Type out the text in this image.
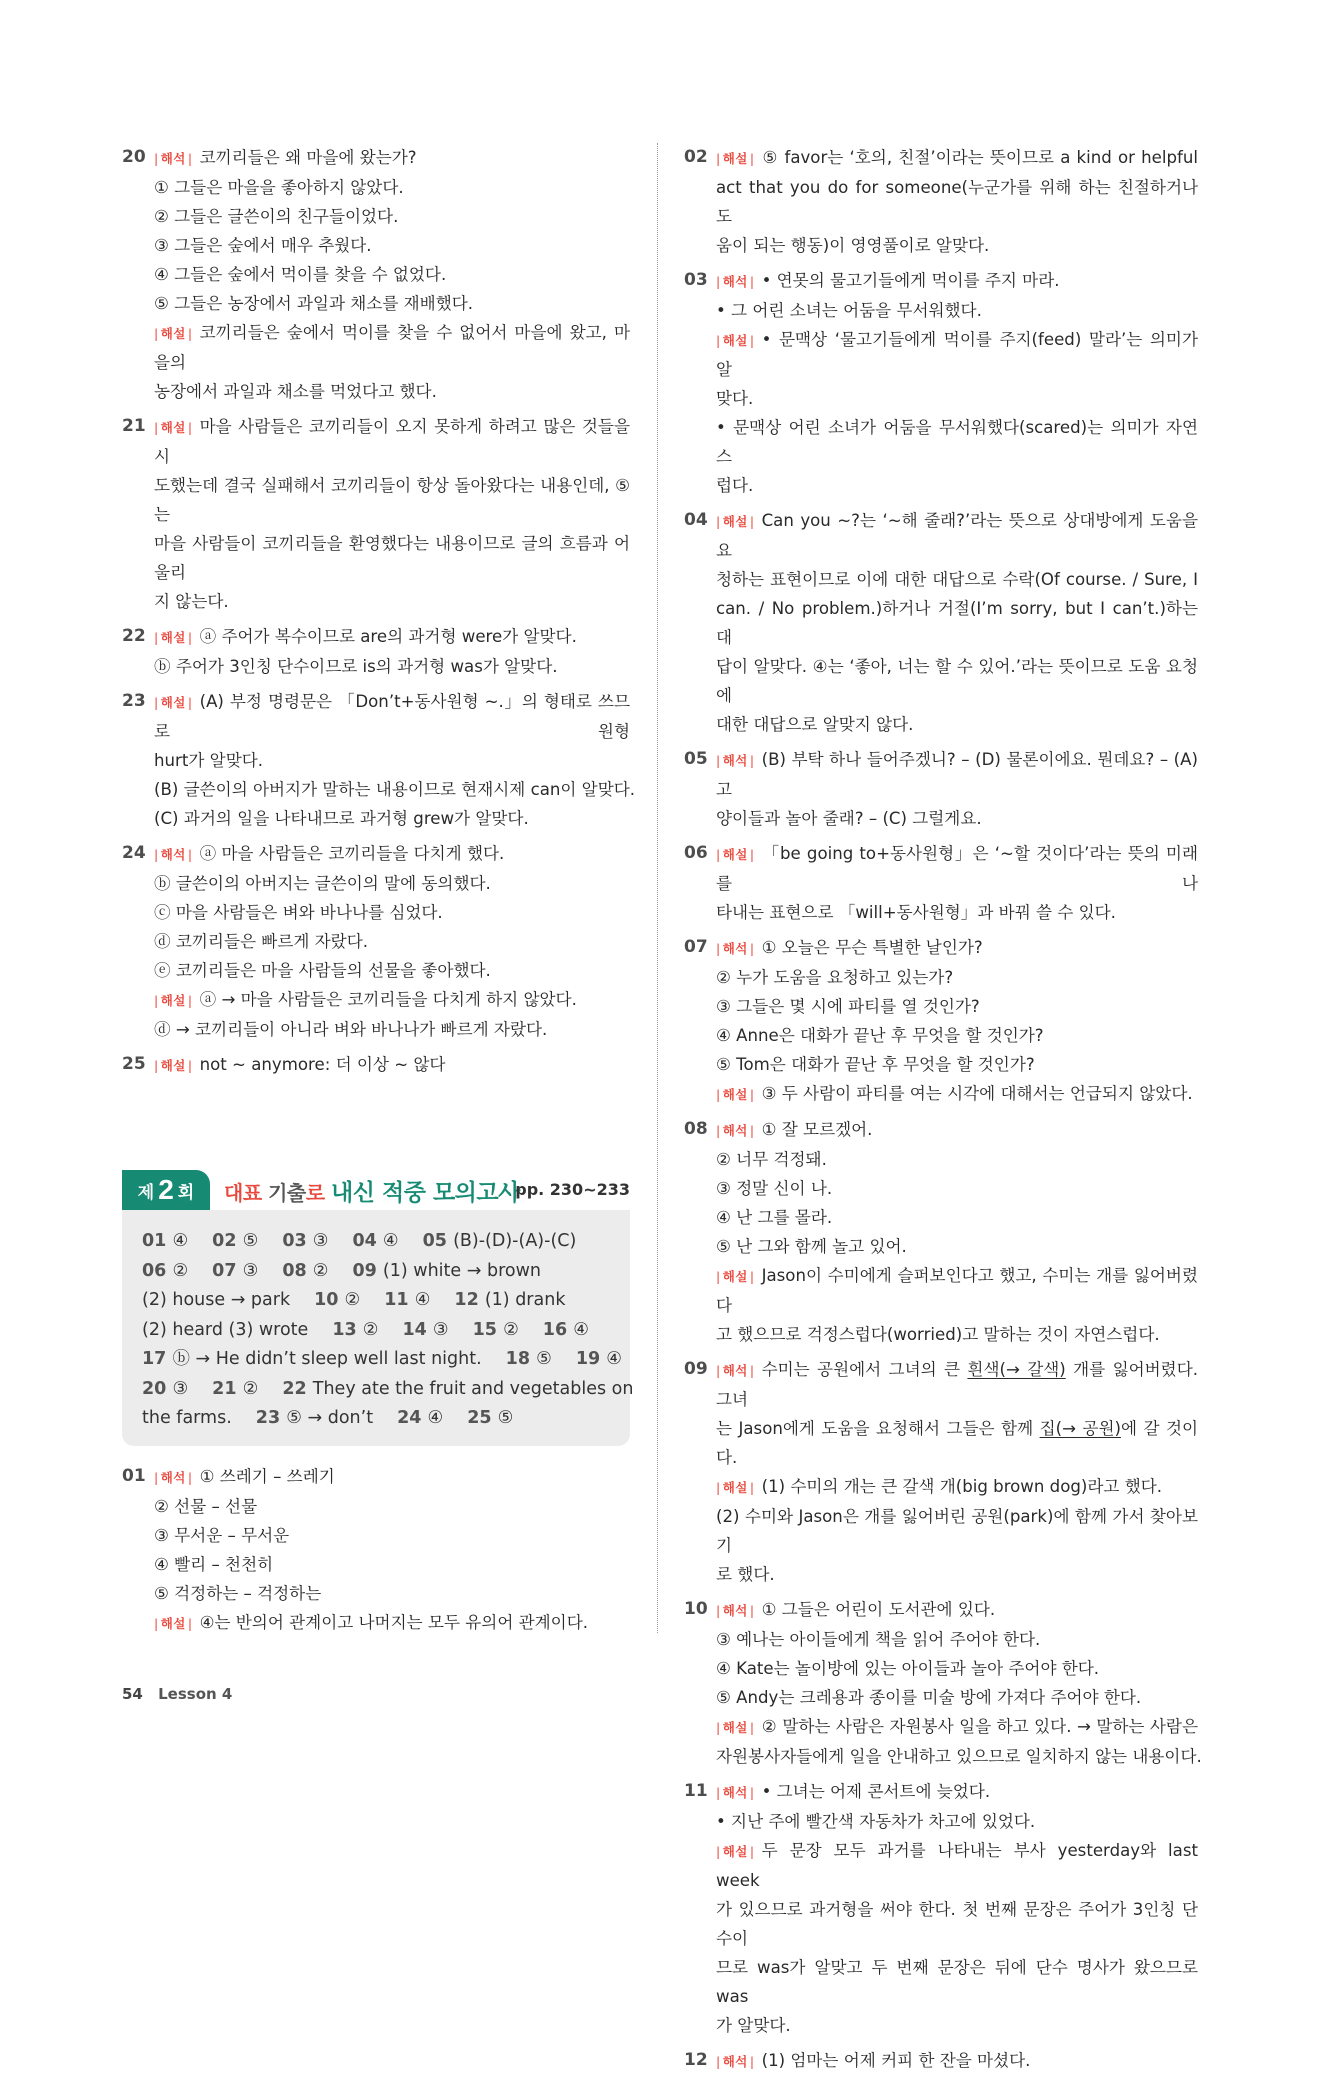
20	| 해석 | 코끼리들은 왜 마을에 왔는가?
① 그들은 마을을 좋아하지 않았다.
② 그들은 글쓴이의 친구들이었다.
③ 그들은 숲에서 매우 추웠다.
④ 그들은 숲에서 먹이를 찾을 수 없었다.
⑤ 그들은 농장에서 과일과 채소를 재배했다.
| 해설 | 코끼리들은 숲에서 먹이를 찾을 수 없어서 마을에 왔고, 마을의
농장에서 과일과 채소를 먹었다고 했다.
21	| 해설 | 마을 사람들은 코끼리들이 오지 못하게 하려고 많은 것들을 시
도했는데 결국 실패해서 코끼리들이 항상 돌아왔다는 내용인데, ⑤는
마을 사람들이 코끼리들을 환영했다는 내용이므로 글의 흐름과 어울리
지 않는다.
22	| 해설 | ⓐ 주어가 복수이므로 are의 과거형 were가 알맞다.
ⓑ 주어가 3인칭 단수이므로 is의 과거형 was가 알맞다.
23	| 해설 | (A) 부정 명령문은 「Don’t+동사원형 ~.」의 형태로 쓰므로 원형
hurt가 알맞다.
(B) 글쓴이의 아버지가 말하는 내용이므로 현재시제 can이 알맞다.
(C) 과거의 일을 나타내므로 과거형 grew가 알맞다.
24	| 해석 | ⓐ 마을 사람들은 코끼리들을 다치게 했다.
ⓑ 글쓴이의 아버지는 글쓴이의 말에 동의했다.
ⓒ 마을 사람들은 벼와 바나나를 심었다.
ⓓ 코끼리들은 빠르게 자랐다.
ⓔ 코끼리들은 마을 사람들의 선물을 좋아했다.
| 해설 | ⓐ → 마을 사람들은 코끼리들을 다치게 하지 않았다.
ⓓ → 코끼리들이 아니라 벼와 바나나가 빠르게 자랐다.
25	| 해설 | not ~ anymore: 더 이상 ~ 않다
02	| 해설 | ⑤ favor는 ‘호의, 친절’이라는 뜻이므로 a kind or helpful
act that you do for someone(누군가를 위해 하는 친절하거나 도
움이 되는 행동)이 영영풀이로 알맞다.
03	| 해석 | • 연못의 물고기들에게 먹이를 주지 마라.
• 그 어린 소녀는 어둠을 무서워했다.
| 해설 | • 문맥상 ‘물고기들에게 먹이를 주지(feed) 말라’는 의미가 알
맞다.
• 문맥상 어린 소녀가 어둠을 무서워했다(scared)는 의미가 자연스
럽다.
04	| 해설 | Can you ~?는 ‘~해 줄래?’라는 뜻으로 상대방에게 도움을 요
청하는 표현이므로 이에 대한 대답으로 수락(Of course. / Sure, I
can. / No problem.)하거나 거절(I’m sorry, but I can’t.)하는 대
답이 알맞다. ④는 ‘좋아, 너는 할 수 있어.’라는 뜻이므로 도움 요청에
대한 대답으로 알맞지 않다.
05	| 해석 | (B) 부탁 하나 들어주겠니? – (D) 물론이에요. 뭔데요? – (A) 고
양이들과 놀아 줄래? – (C) 그럴게요.
06	| 해설 | 「be going to+동사원형」은 ‘~할 것이다’라는 뜻의 미래를 나
타내는 표현으로 「will+동사원형」과 바꿔 쓸 수 있다.
07	| 해석 | ① 오늘은 무슨 특별한 날인가?
② 누가 도움을 요청하고 있는가?
③ 그들은 몇 시에 파티를 열 것인가?
④ Anne은 대화가 끝난 후 무엇을 할 것인가?
⑤ Tom은 대화가 끝난 후 무엇을 할 것인가?
| 해설 | ③ 두 사람이 파티를 여는 시각에 대해서는 언급되지 않았다.
08	| 해석 | ① 잘 모르겠어.
② 너무 걱정돼.
③ 정말 신이 나.
④ 난 그를 몰라.
⑤ 난 그와 함께 놀고 있어.
| 해설 | Jason이 수미에게 슬퍼보인다고 했고, 수미는 개를 잃어버렸다
고 했으므로 걱정스럽다(worried)고 말하는 것이 자연스럽다.
09	| 해석 | 수미는 공원에서 그녀의 큰 흰색(→ 갈색) 개를 잃어버렸다. 그녀
는 Jason에게 도움을 요청해서 그들은 함께 집(→ 공원)에 갈 것이다.
| 해설 | (1) 수미의 개는 큰 갈색 개(big brown dog)라고 했다.
(2) 수미와 Jason은 개를 잃어버린 공원(park)에 함께 가서 찾아보기
로 했다.
10	| 해석 | ① 그들은 어린이 도서관에 있다.
③ 예나는 아이들에게 책을 읽어 주어야 한다.
④ Kate는 놀이방에 있는 아이들과 놀아 주어야 한다.
⑤ Andy는 크레용과 종이를 미술 방에 가져다 주어야 한다.
| 해설 | ② 말하는 사람은 자원봉사 일을 하고 있다. → 말하는 사람은
자원봉사자들에게 일을 안내하고 있으므로 일치하지 않는 내용이다.
11	| 해석 | • 그녀는 어제 콘서트에 늦었다.
• 지난 주에 빨간색 자동차가 차고에 있었다.
| 해설 | 두 문장 모두 과거를 나타내는 부사 yesterday와 last week
가 있으므로 과거형을 써야 한다. 첫 번째 문장은 주어가 3인칭 단수이
므로 was가 알맞고 두 번째 문장은 뒤에 단수 명사가 왔으므로 was
가 알맞다.
12	| 해석 | (1) 엄마는 어제 커피 한 잔을 마셨다.
제 2 회 대표 기출로 내신 적중 모의고사
pp. 230~233
01 ④ 02 ⑤ 03 ③ 04 ④ 05 (B)-(D)-(A)-(C)
06 ② 07 ③ 08 ② 09 (1) white → brown
(2) house → park 10 ② 11 ④ 12 (1) drank
(2) heard (3) wrote 13 ② 14 ③ 15 ② 16 ④
17 ⓑ → He didn’t sleep well last night. 18 ⑤ 19 ④
20 ③ 21 ② 22 They ate the fruit and vegetables on
the farms. 23 ⑤ → don’t 24 ④ 25 ⑤
01	| 해석 | ① 쓰레기 – 쓰레기
② 선물 – 선물
③ 무서운 – 무서운
④ 빨리 – 천천히
⑤ 걱정하는 – 걱정하는
| 해설 | ④는 반의어 관계이고 나머지는 모두 유의어 관계이다.
54 Lesson 4
